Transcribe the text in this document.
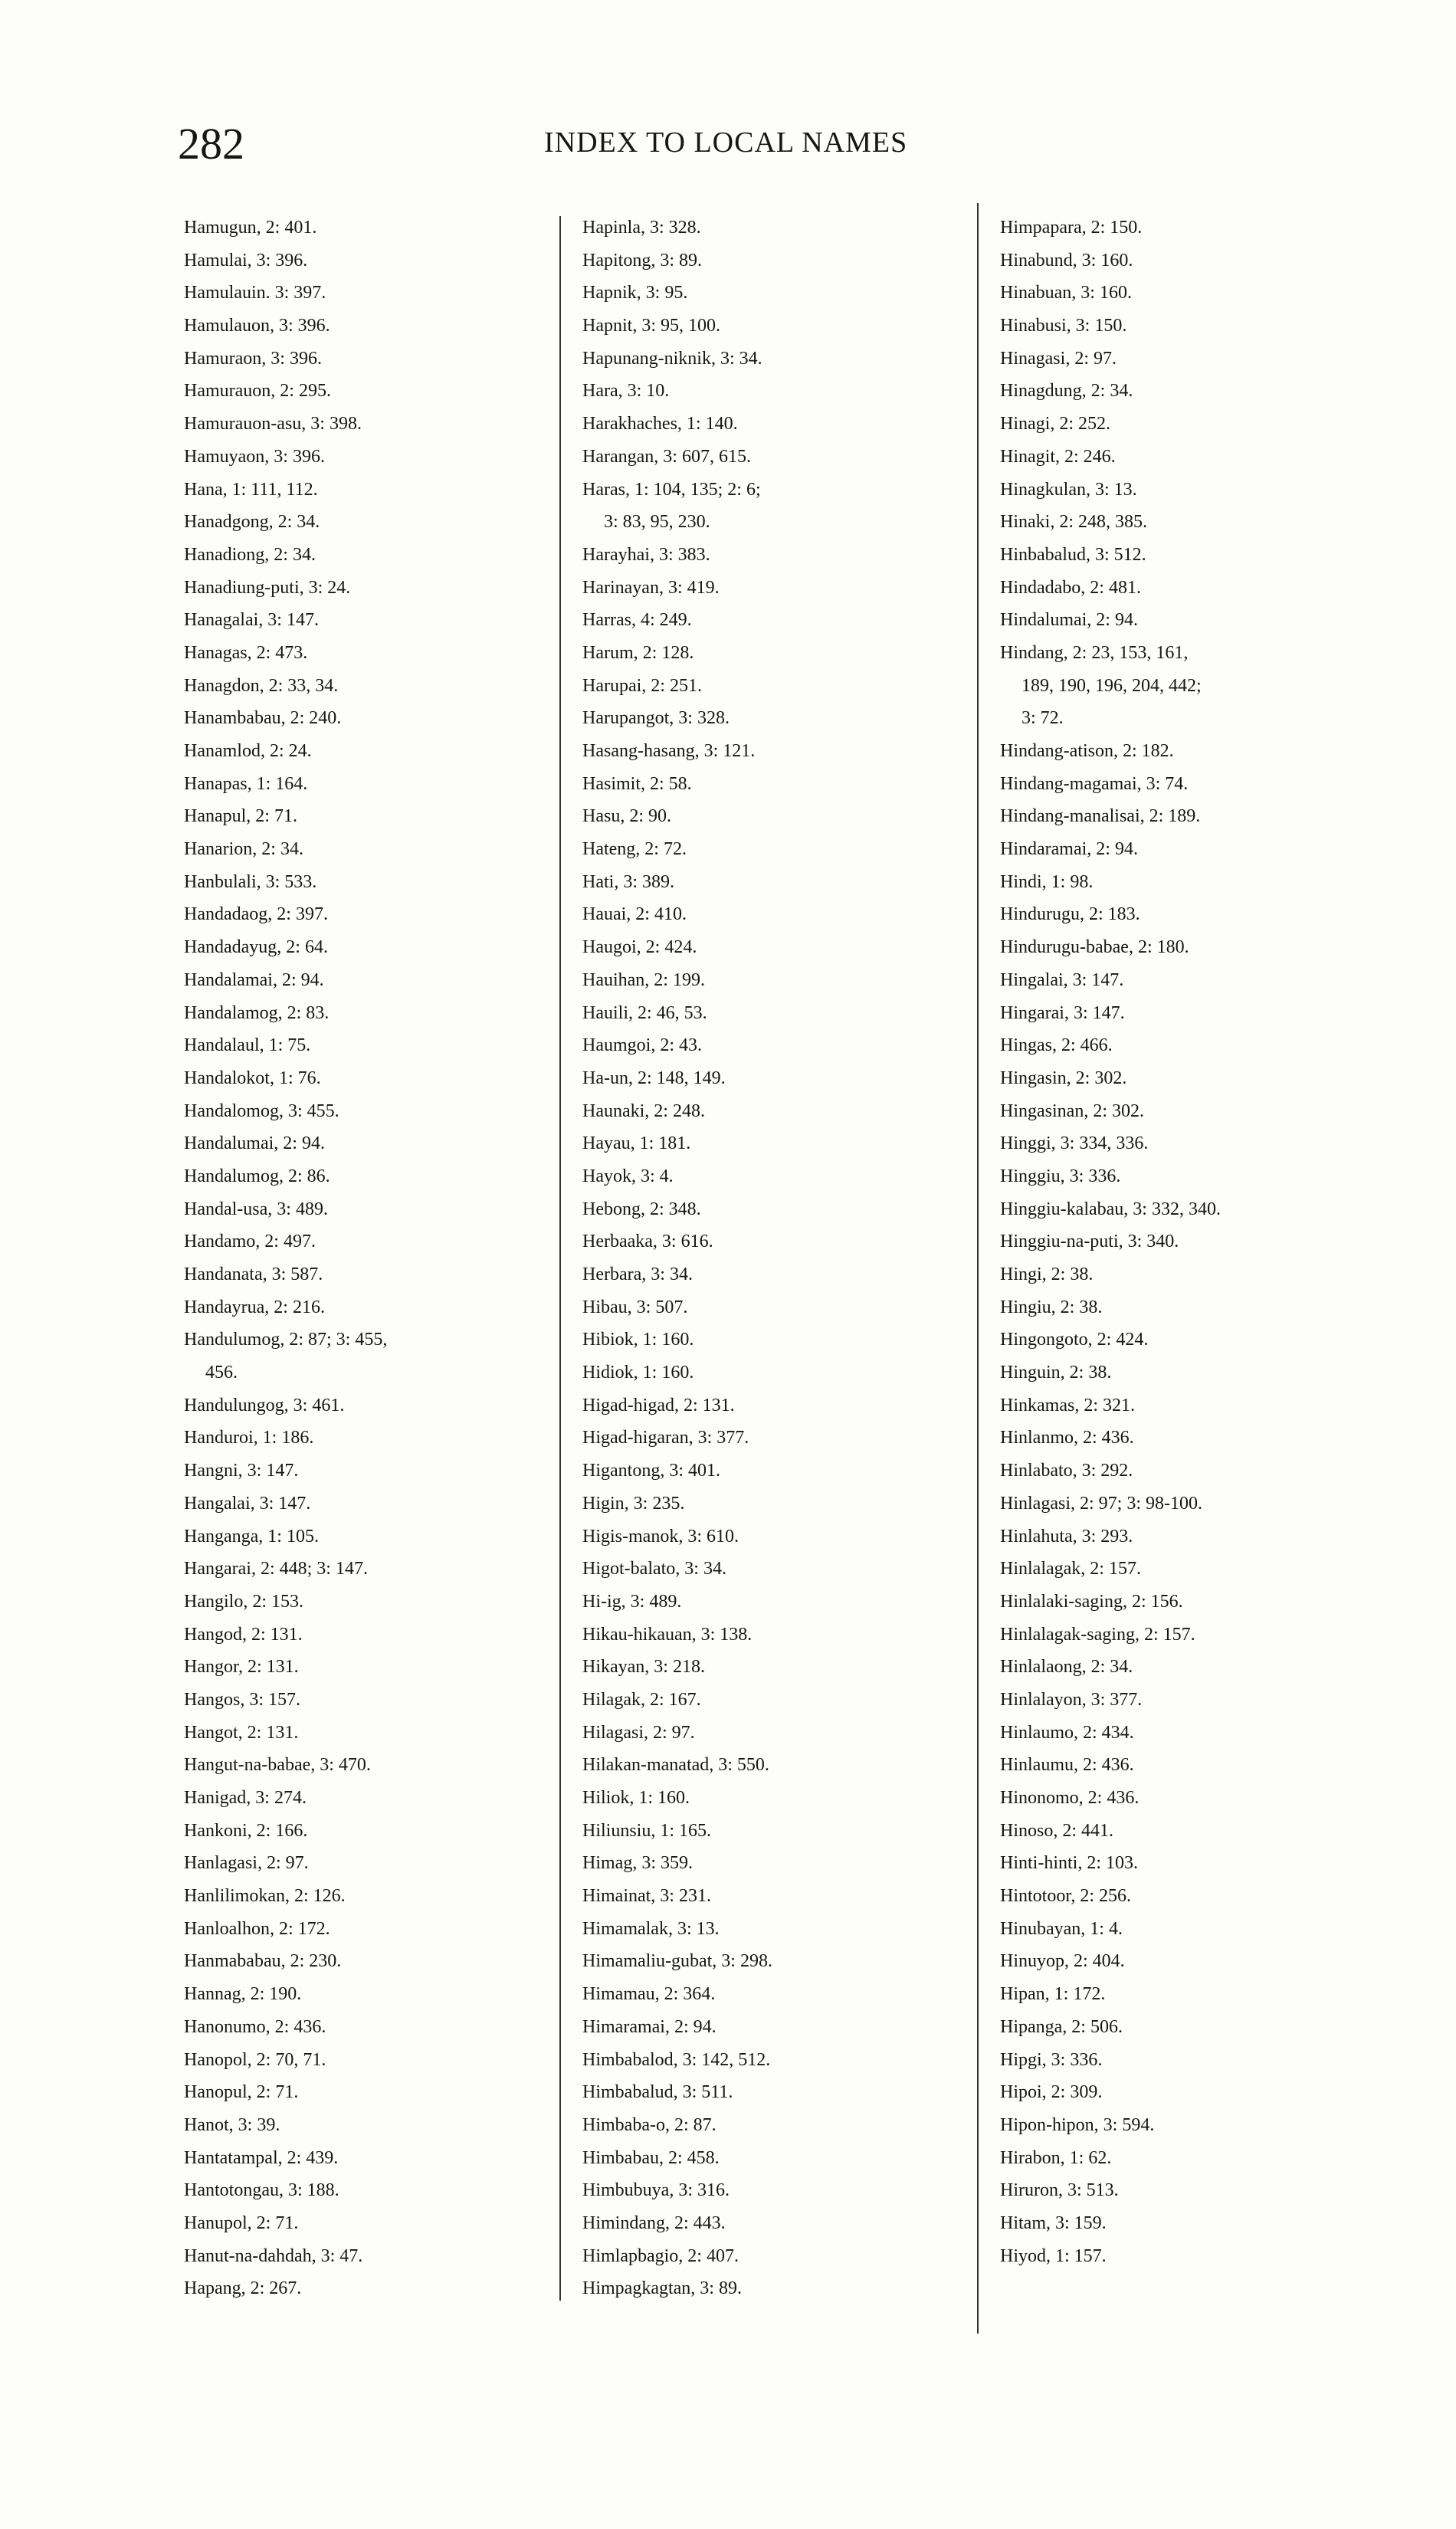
282	INDEX TO LOCAL NAMES
Hamugun, 2: 401.
Hamulai, 3: 396.
Hamulauin. 3: 397.
Hamulauon, 3: 396.
Hamuraon, 3: 396.
Hamurauon, 2: 295.
Hamurauon-asu, 3: 398.
Hamuyaon, 3: 396.
Hana, 1: 111, 112.
Hanadgong, 2: 34.
Hanadiong, 2: 34.
Hanadiung-puti, 3: 24.
Hanagalai, 3: 147.
Hanagas, 2: 473.
Hanagdon, 2: 33, 34.
Hanambabau, 2: 240.
Hanamlod, 2: 24.
Hanapas, 1: 164.
Hanapul, 2: 71.
Hanarion, 2: 34.
Hanbulali, 3: 533.
Handadaog, 2: 397.
Handadayug, 2: 64.
Handalamai, 2: 94.
Handalamog, 2: 83.
Handalaul, 1: 75.
Handalokot, 1: 76.
Handalomog, 3: 455.
Handalumai, 2: 94.
Handalumog, 2: 86.
Handal-usa, 3: 489.
Handamo, 2: 497.
Handanata, 3: 587.
Handayrua, 2: 216.
Handulumog, 2: 87; 3: 455,
456.
Handulungog, 3: 461.
Handuroi, 1: 186.
Hangni, 3: 147.
Hangalai, 3: 147.
Hanganga, 1: 105.
Hangarai, 2: 448; 3: 147.
Hangilo, 2: 153.
Hangod, 2: 131.
Hangor, 2: 131.
Hangos, 3: 157.
Hangot, 2: 131.
Hangut-na-babae, 3: 470.
Hanigad, 3: 274.
Hankoni, 2: 166.
Hanlagasi, 2: 97.
Hanlilimokan, 2: 126.
Hanloalhon, 2: 172.
Hanmababau, 2: 230.
Hannag, 2: 190.
Hanonumo, 2: 436.
Hanopol, 2: 70, 71.
Hanopul, 2: 71.
Hanot, 3: 39.
Hantatampal, 2: 439.
Hantotongau, 3: 188.
Hanupol, 2: 71.
Hanut-na-dahdah, 3: 47.
Hapang, 2: 267.
Hapinla, 3: 328.
Hapitong, 3: 89.
Hapnik, 3: 95.
Hapnit, 3: 95, 100.
Hapunang-niknik, 3: 34.
Hara, 3: 10.
Harakhaches, 1: 140.
Harangan, 3: 607, 615.
Haras, 1: 104, 135; 2: 6;
3: 83, 95, 230.
Harayhai, 3: 383.
Harinayan, 3: 419.
Harras, 4: 249.
Harum, 2: 128.
Harupai, 2: 251.
Harupangot, 3: 328.
Hasang-hasang, 3: 121.
Hasimit, 2: 58.
Hasu, 2: 90.
Hateng, 2: 72.
Hati, 3: 389.
Hauai, 2: 410.
Haugoi, 2: 424.
Hauihan, 2: 199.
Hauili, 2: 46, 53.
Haumgoi, 2: 43.
Ha-un, 2: 148, 149.
Haunaki, 2: 248.
Hayau, 1: 181.
Hayok, 3: 4.
Hebong, 2: 348.
Herbaaka, 3: 616.
Herbara, 3: 34.
Hibau, 3: 507.
Hibiok, 1: 160.
Hidiok, 1: 160.
Higad-higad, 2: 131.
Higad-higaran, 3: 377.
Higantong, 3: 401.
Higin, 3: 235.
Higis-manok, 3: 610.
Higot-balato, 3: 34.
Hi-ig, 3: 489.
Hikau-hikauan, 3: 138.
Hikayan, 3: 218.
Hilagak, 2: 167.
Hilagasi, 2: 97.
Hilakan-manatad, 3: 550.
Hiliok, 1: 160.
Hiliunsiu, 1: 165.
Himag, 3: 359.
Himainat, 3: 231.
Himamalak, 3: 13.
Himamaliu-gubat, 3: 298.
Himamau, 2: 364.
Himaramai, 2: 94.
Himbabalod, 3: 142, 512.
Himbabalud, 3: 511.
Himbaba-o, 2: 87.
Himbabau, 2: 458.
Himbubuya, 3: 316.
Himindang, 2: 443.
Himlapbagio, 2: 407.
Himpagkagtan, 3: 89.
Himpapara, 2: 150.
Hinabund, 3: 160.
Hinabuan, 3: 160.
Hinabusi, 3: 150.
Hinagasi, 2: 97.
Hinagdung, 2: 34.
Hinagi, 2: 252.
Hinagit, 2: 246.
Hinagkulan, 3: 13.
Hinaki, 2: 248, 385.
Hinbabalud, 3: 512.
Hindadabo, 2: 481.
Hindalumai, 2: 94.
Hindang, 2: 23, 153, 161,
189, 190, 196, 204, 442;
3: 72.
Hindang-atison, 2: 182.
Hindang-magamai, 3: 74.
Hindang-manalisai, 2: 189.
Hindaramai, 2: 94.
Hindi, 1: 98.
Hindurugu, 2: 183.
Hindurugu-babae, 2: 180.
Hingalai, 3: 147.
Hingarai, 3: 147.
Hingas, 2: 466.
Hingasin, 2: 302.
Hingasinan, 2: 302.
Hinggi, 3: 334, 336.
Hinggiu, 3: 336.
Hinggiu-kalabau, 3: 332, 340.
Hinggiu-na-puti, 3: 340.
Hingi, 2: 38.
Hingiu, 2: 38.
Hingongoto, 2: 424.
Hinguin, 2: 38.
Hinkamas, 2: 321.
Hinlanmo, 2: 436.
Hinlabato, 3: 292.
Hinlagasi, 2: 97; 3: 98-100.
Hinlahuta, 3: 293.
Hinlalagak, 2: 157.
Hinlalaki-saging, 2: 156.
Hinlalagak-saging, 2: 157.
Hinlalaong, 2: 34.
Hinlalayon, 3: 377.
Hinlaumo, 2: 434.
Hinlaumu, 2: 436.
Hinonomo, 2: 436.
Hinoso, 2: 441.
Hinti-hinti, 2: 103.
Hintotoor, 2: 256.
Hinubayan, 1: 4.
Hinuyop, 2: 404.
Hipan, 1: 172.
Hipanga, 2: 506.
Hipgi, 3: 336.
Hipoi, 2: 309.
Hipon-hipon, 3: 594.
Hirabon, 1: 62.
Hiruron, 3: 513.
Hitam, 3: 159.
Hiyod, 1: 157.
